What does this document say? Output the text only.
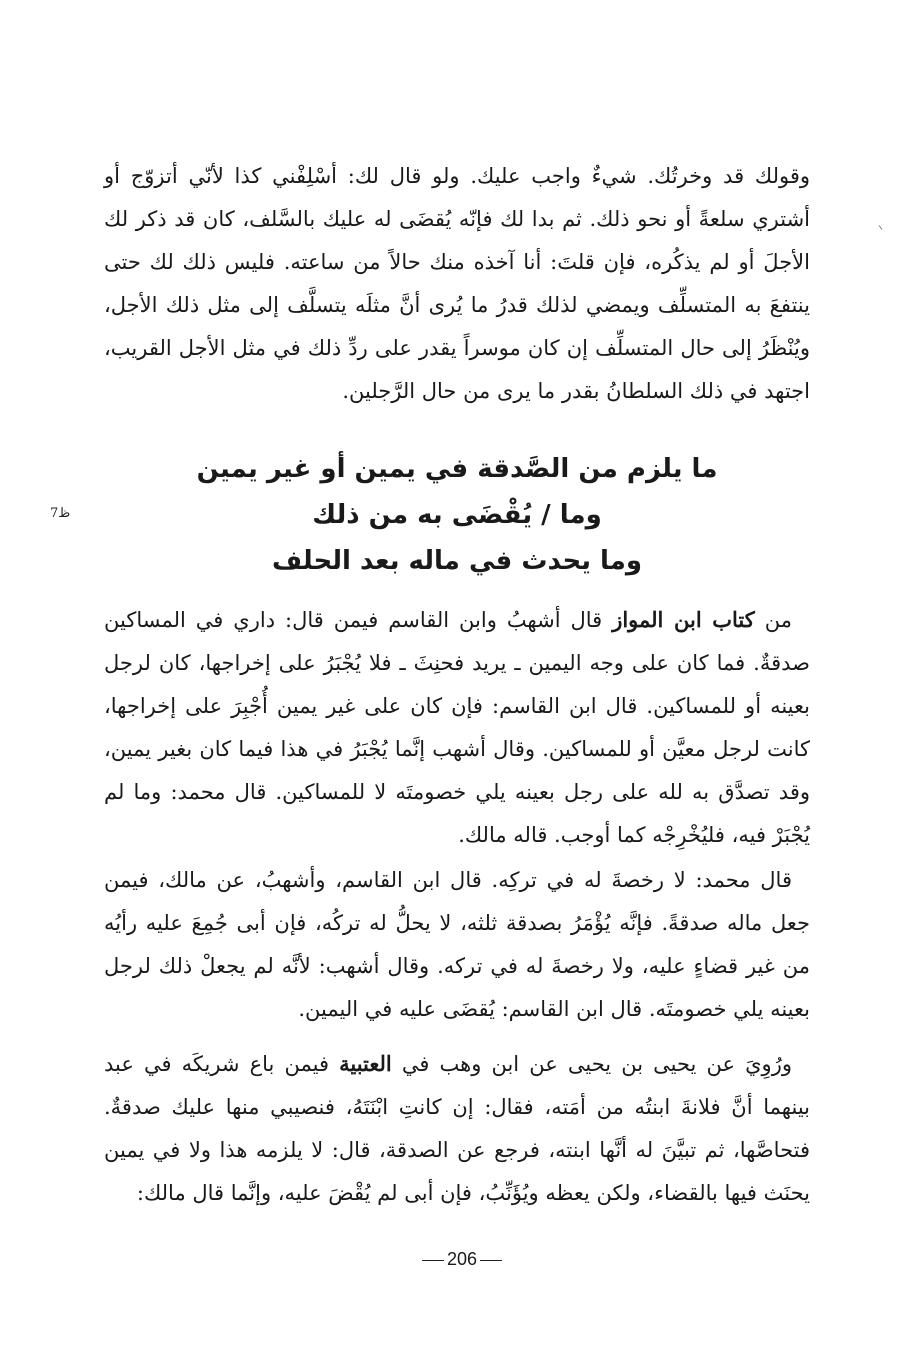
وقولك قد وخرتُك. شيءٌ واجب عليك. ولو قال لك: أسْلِفْني كذا لأنّي أتزوّج أو أشتري سلعةً أو نحو ذلك. ثم بدا لك فإنّه يُقضَى له عليك بالسَّلف، كان قد ذكر لك الأجلَ أو لم يذكُره، فإن قلتَ: أنا آخذه منك حالاً من ساعته. فليس ذلك لك حتى ينتفعَ به المتسلِّف ويمضي لذلك قدرُ ما يُرى أنَّ مثلَه يتسلَّف إلى مثل ذلك الأجل، ويُنْظَرُ إلى حال المتسلِّف إن كان موسراً يقدر على ردِّ ذلك في مثل الأجل القريب، اجتهد في ذلك السلطانُ بقدر ما يرى من حال الرَّجلين.

ما يلزم من الصَّدقة في يمين أو غير يمين
وما / يُقْضَى به من ذلك
وما يحدث في ماله بعد الحلف
ظ7

من كتاب ابن المواز قال أشهبُ وابن القاسم فيمن قال: داري في المساكين صدقةٌ. فما كان على وجه اليمين ـ يريد فحنِثَ ـ فلا يُجْبَرُ على إخراجها، كان لرجل بعينه أو للمساكين. قال ابن القاسم: فإن كان على غير يمين أُجْبِرَ على إخراجها، كانت لرجل معيَّن أو للمساكين. وقال أشهب إنَّما يُجْبَرُ في هذا فيما كان بغير يمين، وقد تصدَّق به لله على رجل بعينه يلي خصومتَه لا للمساكين. قال محمد: وما لم يُجْبَرْ فيه، فليُخْرِجْه كما أوجب. قاله مالك.

قال محمد: لا رخصةَ له في تركِه. قال ابن القاسم، وأشهبُ، عن مالك، فيمن جعل ماله صدقةً. فإنَّه يُؤْمَرُ بصدقة ثلثه، لا يحلُّ له تركُه، فإن أبى جُمِعَ عليه رأيُه من غير قضاءٍ عليه، ولا رخصةَ له في تركه. وقال أشهب: لأنَّه لم يجعلْ ذلك لرجل بعينه يلي خصومتَه. قال ابن القاسم: يُقضَى عليه في اليمين.

ورُوِيَ عن يحيى بن يحيى عن ابن وهب في العتبية فيمن باع شريكَه في عبد بينهما أنَّ فلانةَ ابنتُه من أمَته، فقال: إن كانتِ ابْنَتَهُ، فنصيبي منها عليك صدقةٌ. فتحاصَّها، ثم تبيَّنَ له أنَّها ابنته، فرجع عن الصدقة، قال: لا يلزمه هذا ولا في يمين يحنَث فيها بالقضاء، ولكن يعظه ويُؤَنِّبُ، فإن أبى لم يُقْضَ عليه، وإنَّما قال مالك:

206
